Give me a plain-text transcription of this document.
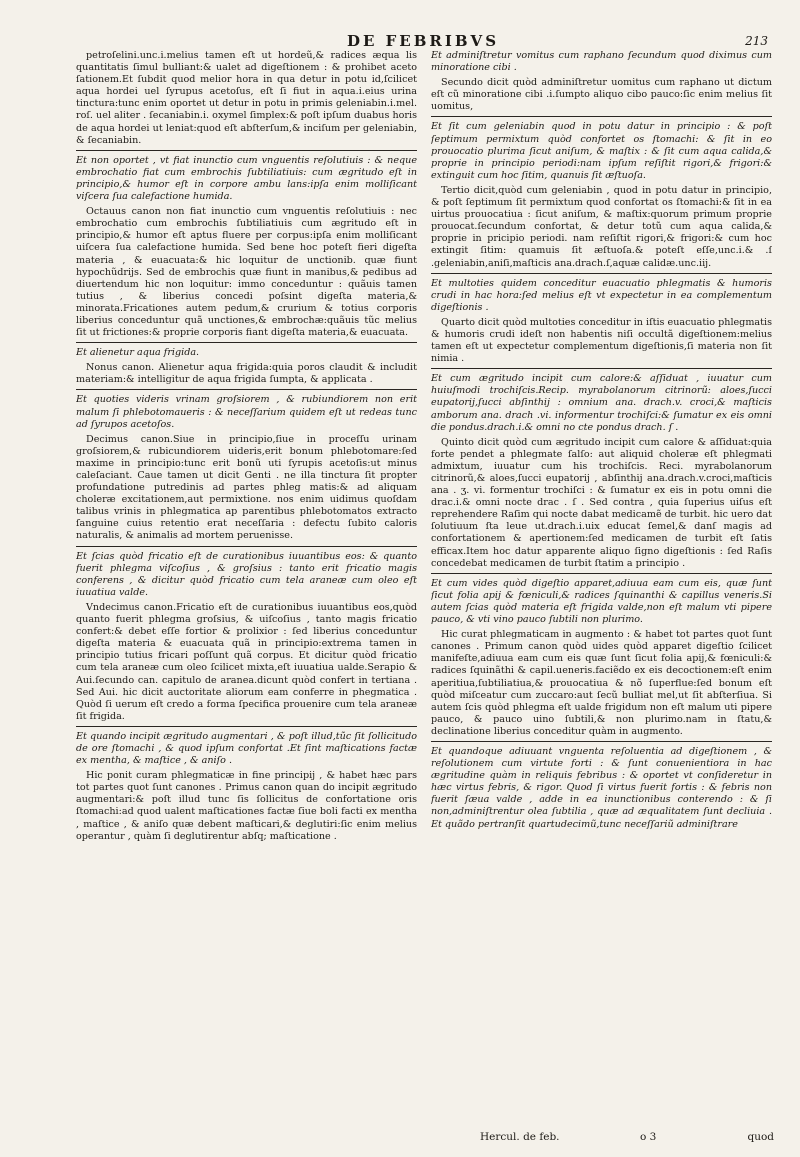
DE FEBRIBVS	213

petroſelini.unc.i.melius tamen eſt ut hordeũ,& radices æqua lis quantitatis ſimul bulliant:& ualet ad digeſtionem : & prohibet aceto ſationem.Et ſubdit quod melior hora in qua detur in potu id,ſcilicet aqua hordei uel ſyrupus acetoſus, eſt ſi fiut in aqua.i.eius urina tinctura:tunc enim oportet ut detur in potu in primis geleniabin.i.mel. roſ. uel aliter . ſecaniabin.i. oxymel ſimplex:& poſt ipſum duabus horis de aqua hordei ut leniat:quod eſt abſterſum,& inciſum per geleniabin, & ſecaniabin.

Et non oportet , vt fiat inunctio cum vnguentis reſolutiuis : & neque embrochatio fiat cum embrochis ſubtiliatiuis: cum ægritudo eſt in principio,& humor eſt in corpore ambu lans:ipſa enim molliſicant viſcera ſua calefactione humida.

Octauus canon non fiat inunctio cum vnguentis reſolutiuis : nec embrochatio cum embrochis ſubtiliatiuis cum ægritudo eſt in principio,& humor eſt aptus fluere per corpus:ipſa enim molliſicant uiſcera ſua calefactione humida. Sed bene hoc poteſt fieri digeſta materia , & euacuata:& hic loquitur de unctionib. quæ fiunt hypochũdrijs. Sed de embrochis quæ fiunt in manibus,& pedibus ad diuertendum hic non loquitur: immo conceduntur : quãuis tamen tutius , & liberius concedi poſsint digeſta materia,& minorata.Fricationes autem pedum,& crurium & totius corporis liberius conceduntur quã unctiones,& embrochæ:quãuis tũc melius ſit ut frictiones:& proprie corporis fiant digeſta materia,& euacuata.

Et alienetur aqua frigida.

Nonus canon. Alienetur aqua frigida:quia poros claudit & includit materiam:& intelligitur de aqua frigida ſumpta, & applicata .

Et quoties videris vrinam groſsiorem , & rubiundiorem non erit malum ſi phlebotomaueris : & neceſſarium quidem eſt ut redeas tunc ad ſyrupos acetoſos.

Decimus canon.Siue in principio,ſiue in proceſſu urinam groſsiorem,& rubicundiorem uideris,erit bonum phlebotomare:ſed maxime in principio:tunc erit bonũ uti ſyrupis acetoſis:ut minus caleſaciant. Caue tamen ut dicit Genti . ne illa tinctura ſit propter profundatione putredinis ad partes phleg matis:& ad aliquam choleræ excitationem,aut permixtione. nos enim uidimus quoſdam talibus vrinis in phlegmatica ap parentibus phlebotomatos extracto ſanguine cuius retentio erat neceſſaria : defectu ſubito caloris naturalis, & animalis ad mortem peruenisse.

Et ſcias quòd fricatio eſt de curationibus iuuantibus eos: & quanto fuerit phlegma viſcoſius , & groſsius : tanto erit fricatio magis conferens , & dicitur quòd fricatio cum tela araneæ cum oleo eſt iuuatiua valde.

Vndecimus canon.Fricatio eſt de curationibus iuuantibus eos,quòd quanto fuerit phlegma groſsius, & uiſcoſius , tanto magis fricatio confert:& debet eſſe fortior & prolixior : ſed liberius conceduntur digeſta materia & euacuata quã in principio:extrema tamen in principio tutius fricari poſſunt quã corpus. Et dicitur quòd fricatio cum tela araneæ cum oleo ſcilicet mixta,eſt iuuatiua ualde.Serapio & Aui.ſecundo can. capitulo de aranea.dicunt quòd confert in tertiana . Sed Aui. hic dicit auctoritate aliorum eam conferre in phegmatica . Quòd ſi uerum eſt credo a forma ſpecifica prouenire cum tela araneæ ſit frigida.

Et quando incipit ægritudo augmentari , & poſt illud,tũc ſit ſollicitudo de ore ſtomachi , & quod ipſum confortat .Et ſint maſtications factæ ex mentha, & maſtice , & aniſo .

Hic ponit curam phlegmaticæ in fine principij , & habet hæc pars tot partes quot ſunt canones . Primus canon quan do incipit ægritudo augmentari:& poſt illud tunc ſis ſollicitus de confortatione oris ſtomachi:ad quod ualent maſticationes factæ ſiue boli facti ex mentha , maſtice , & aniſo quæ debent maſticari,& deglutiri:ſic enim melius operantur , quàm ſi deglutirentur abſq; maſticatione .

Et adminiſtretur vomitus cum raphano ſecundum quod diximus cum minoratione cibi .

Secundo dicit quòd adminiſtretur uomitus cum raphano ut dictum eſt cũ minoratione cibi .i.ſumpto aliquo cibo pauco:ſic enim melius ſit uomitus,

Et ſit cum geleniabin quod in potu datur in principio : & poſt ſeptimum permixtum quòd confortet os ſtomachi: & ſit in eo prouocatio plurima ſicut aniſum, & maſtix : & ſit cum aqua calida,& proprie in principio periodi:nam ipſum reſiſtit rigori,& frigori:& extinguit cum hoc ſitim, quanuis ſit æſtuoſa.

Tertio dicit,quòd cum geleniabin , quod in potu datur in principio, & poſt ſeptimum ſit permixtum quod confortat os ſtomachi:& ſit in ea uirtus prouocatiua : ſicut aniſum, & maſtix:quorum primum proprie prouocat.ſecundum confortat, & detur totũ cum aqua calida,& proprie in pricipio periodi. nam reſiſtit rigori,& frigori:& cum hoc extingit ſitim: quamuis ſit æſtuoſa.& poteſt eſſe,unc.i.& .ſ .geleniabin,aniſi,maſticis ana.drach.ſ,aquæ calidæ.unc.iij.

Et multoties quidem conceditur euacuatio phlegmatis & humoris crudi in hac hora:ſed melius eſt vt expectetur in ea complementum digeſtionis .

Quarto dicit quòd multoties conceditur in iſtis euacuatio phlegmatis & humoris crudi ideſt non habentis niſi occultã digeſtionem:melius tamen eſt ut expectetur complementum digeſtionis,ſi materia non ſit nimia .

Et cum ægritudo incipit cum calore:& aſſiduat , iuuatur cum huiuſmodi trochiſcis.Recip. myrabolanorum citrinorũ: aloes,ſucci eupatorij,ſucci abſinthij : omnium ana. drach.v. croci,& maſticis amborum ana. drach .vi. informentur trochiſci:& ſumatur ex eis omni die pondus.drach.i.& omni no cte pondus drach. ſ .

Quinto dicit quòd cum ægritudo incipit cum calore & aſſiduat:quia forte pendet a phlegmate ſalſo: aut aliquid choleræ eſt phlegmati admixtum, iuuatur cum his trochiſcis. Reci. myrabolanorum citrinorũ,& aloes,ſucci eupatorij , abſinthij ana.drach.v.croci,maſticis ana . ʒ. vi. formentur trochiſci : & ſumatur ex eis in potu omni die drac.i.& omni nocte drac . ſ . Sed contra , quia ſuperius uiſus eſt reprehendere Raſim qui nocte dabat medicamẽ de turbit. hic uero dat ſolutiuum ſta leue ut.drach.i.uix educat ſemel,& danſ magis ad confortationem & apertionem:ſed medicamen de turbit eſt ſatis efficax.Item hoc datur apparente aliquo ſigno digeſtionis : ſed Raſis concedebat medicamen de turbit ſtatim a principio .

Et cum vides quòd digeſtio apparet,adiuua eam cum eis, quæ ſunt ſicut folia apij & fœniculi,& radices ſquinanthi & capillus veneris.Si autem ſcias quòd materia eſt frigida valde,non eſt malum vti pipere pauco, & vti vino pauco ſubtili non plurimo.

Hic curat phlegmaticam in augmento : & habet tot partes quot ſunt canones . Primum canon quòd uides quòd apparet digeſtio ſcilicet manifeſte,adiuua eam cum eis quæ ſunt ſicut folia apij,& fœniculi:& radices ſquinãthi & capil.ueneris.faciẽdo ex eis decoctionem:eſt enim aperitiua,ſubtiliatiua,& prouocatiua & nõ ſuperflue:ſed bonum eſt quòd miſceatur cum zuccaro:aut ſecũ bulliat mel,ut ſit abſterſiua. Si autem ſcis quòd phlegma eſt ualde frigidum non eſt malum uti pipere pauco, & pauco uino ſubtili,& non plurimo.nam in ſtatu,& declinatione liberius conceditur quàm in augmento.

Et quandoque adiuuant vnguenta reſoluentia ad digeſtionem , & reſolutionem cum virtute forti : & ſunt conuenientiora in hac ægritudine quàm in reliquis febribus : & oportet vt conſideretur in hæc virtus febris, & rigor. Quod ſi virtus fuerit fortis : & febris non fuerit ſæua valde , adde in ea inunctionibus conterendo : & ſi non,adminiſtrentur olea ſubtilia , quæ ad æqualitatem ſunt decliuia . Et quãdo pertranſit quartudecimũ,tunc neceſſariũ adminiſtrare

Hercul. de feb.	o 3	quod
